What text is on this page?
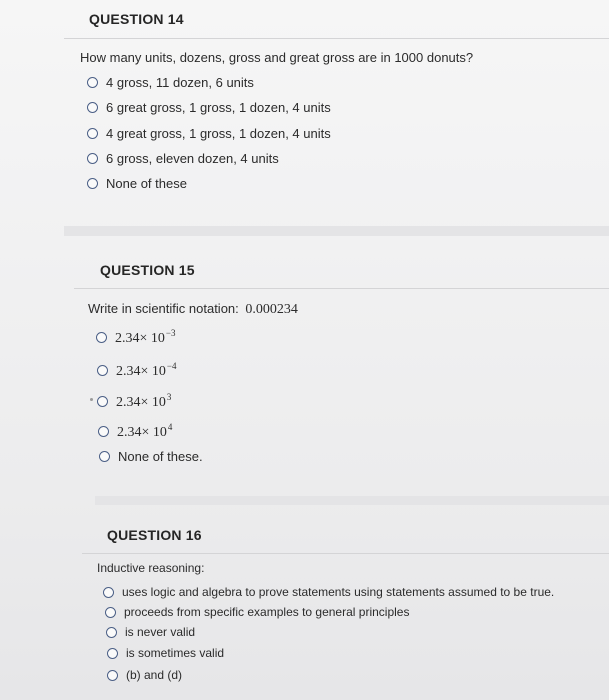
QUESTION 14
How many units, dozens, gross and great gross are in 1000 donuts?
4 gross, 11 dozen, 6 units
6 great gross, 1 gross, 1 dozen, 4 units
4 great gross, 1 gross, 1 dozen, 4 units
6 gross, eleven dozen, 4 units
None of these
QUESTION 15
Write in scientific notation: 0.000234
$2.34\times 10^{-3}$
$2.34\times 10^{-4}$
$2.34\times 10^3$
$2.34\times 10^4$
None of these.
QUESTION 16
Inductive reasoning:
uses logic and algebra to prove statements using statements assumed to be true.
proceeds from specific examples to general principles
is never valid
is sometimes valid
(b) and (d)
